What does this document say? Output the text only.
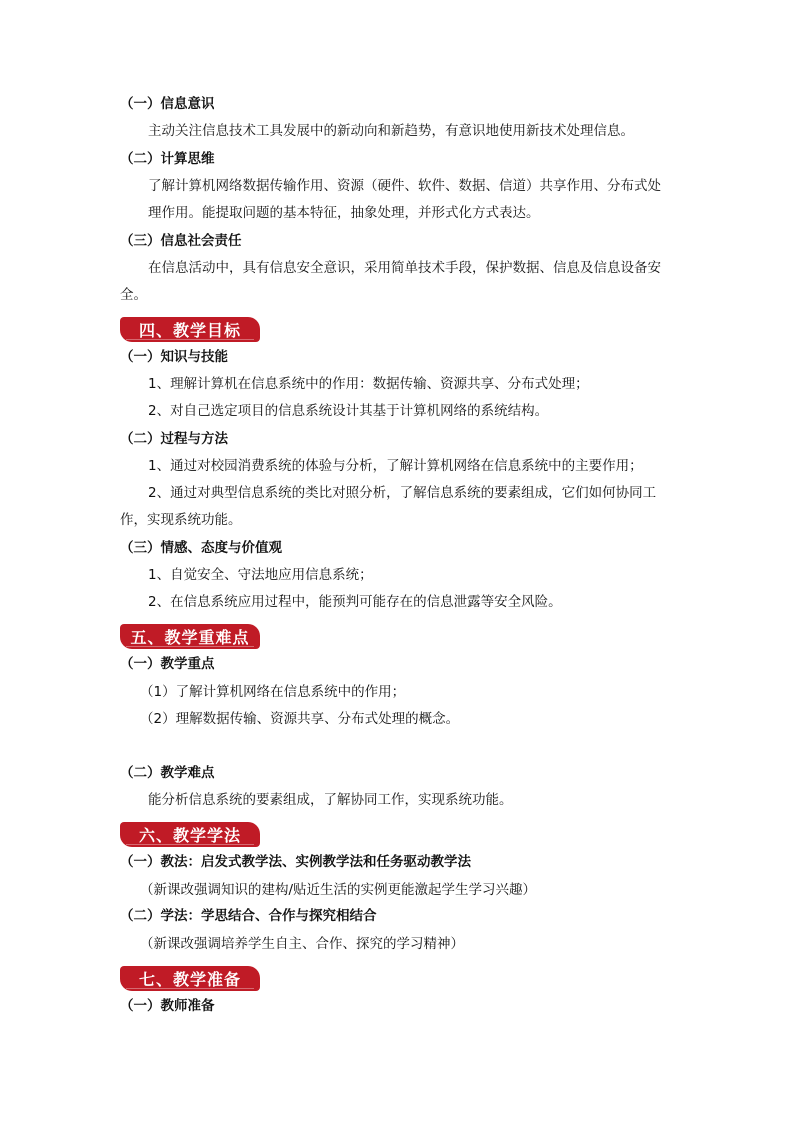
（一）信息意识
主动关注信息技术工具发展中的新动向和新趋势，有意识地使用新技术处理信息。
（二）计算思维
了解计算机网络数据传输作用、资源（硬件、软件、数据、信道）共享作用、分布式处
理作用。能提取问题的基本特征，抽象处理，并形式化方式表达。
（三）信息社会责任
在信息活动中，具有信息安全意识，采用简单技术手段，保护数据、信息及信息设备安
全。
四、教学目标
（一）知识与技能
1、理解计算机在信息系统中的作用：数据传输、资源共享、分布式处理；
2、对自己选定项目的信息系统设计其基于计算机网络的系统结构。
（二）过程与方法
1、通过对校园消费系统的体验与分析，了解计算机网络在信息系统中的主要作用；
2、通过对典型信息系统的类比对照分析，了解信息系统的要素组成，它们如何协同工
作，实现系统功能。
（三）情感、态度与价值观
1、自觉安全、守法地应用信息系统；
2、在信息系统应用过程中，能预判可能存在的信息泄露等安全风险。
五、教学重难点
（一）教学重点
（1）了解计算机网络在信息系统中的作用；
（2）理解数据传输、资源共享、分布式处理的概念。
（二）教学难点
能分析信息系统的要素组成，了解协同工作，实现系统功能。
六、教学学法
（一）教法：启发式教学法、实例教学法和任务驱动教学法
（新课改强调知识的建构/贴近生活的实例更能激起学生学习兴趣）
（二）学法：学思结合、合作与探究相结合
（新课改强调培养学生自主、合作、探究的学习精神）
七、教学准备
（一）教师准备
